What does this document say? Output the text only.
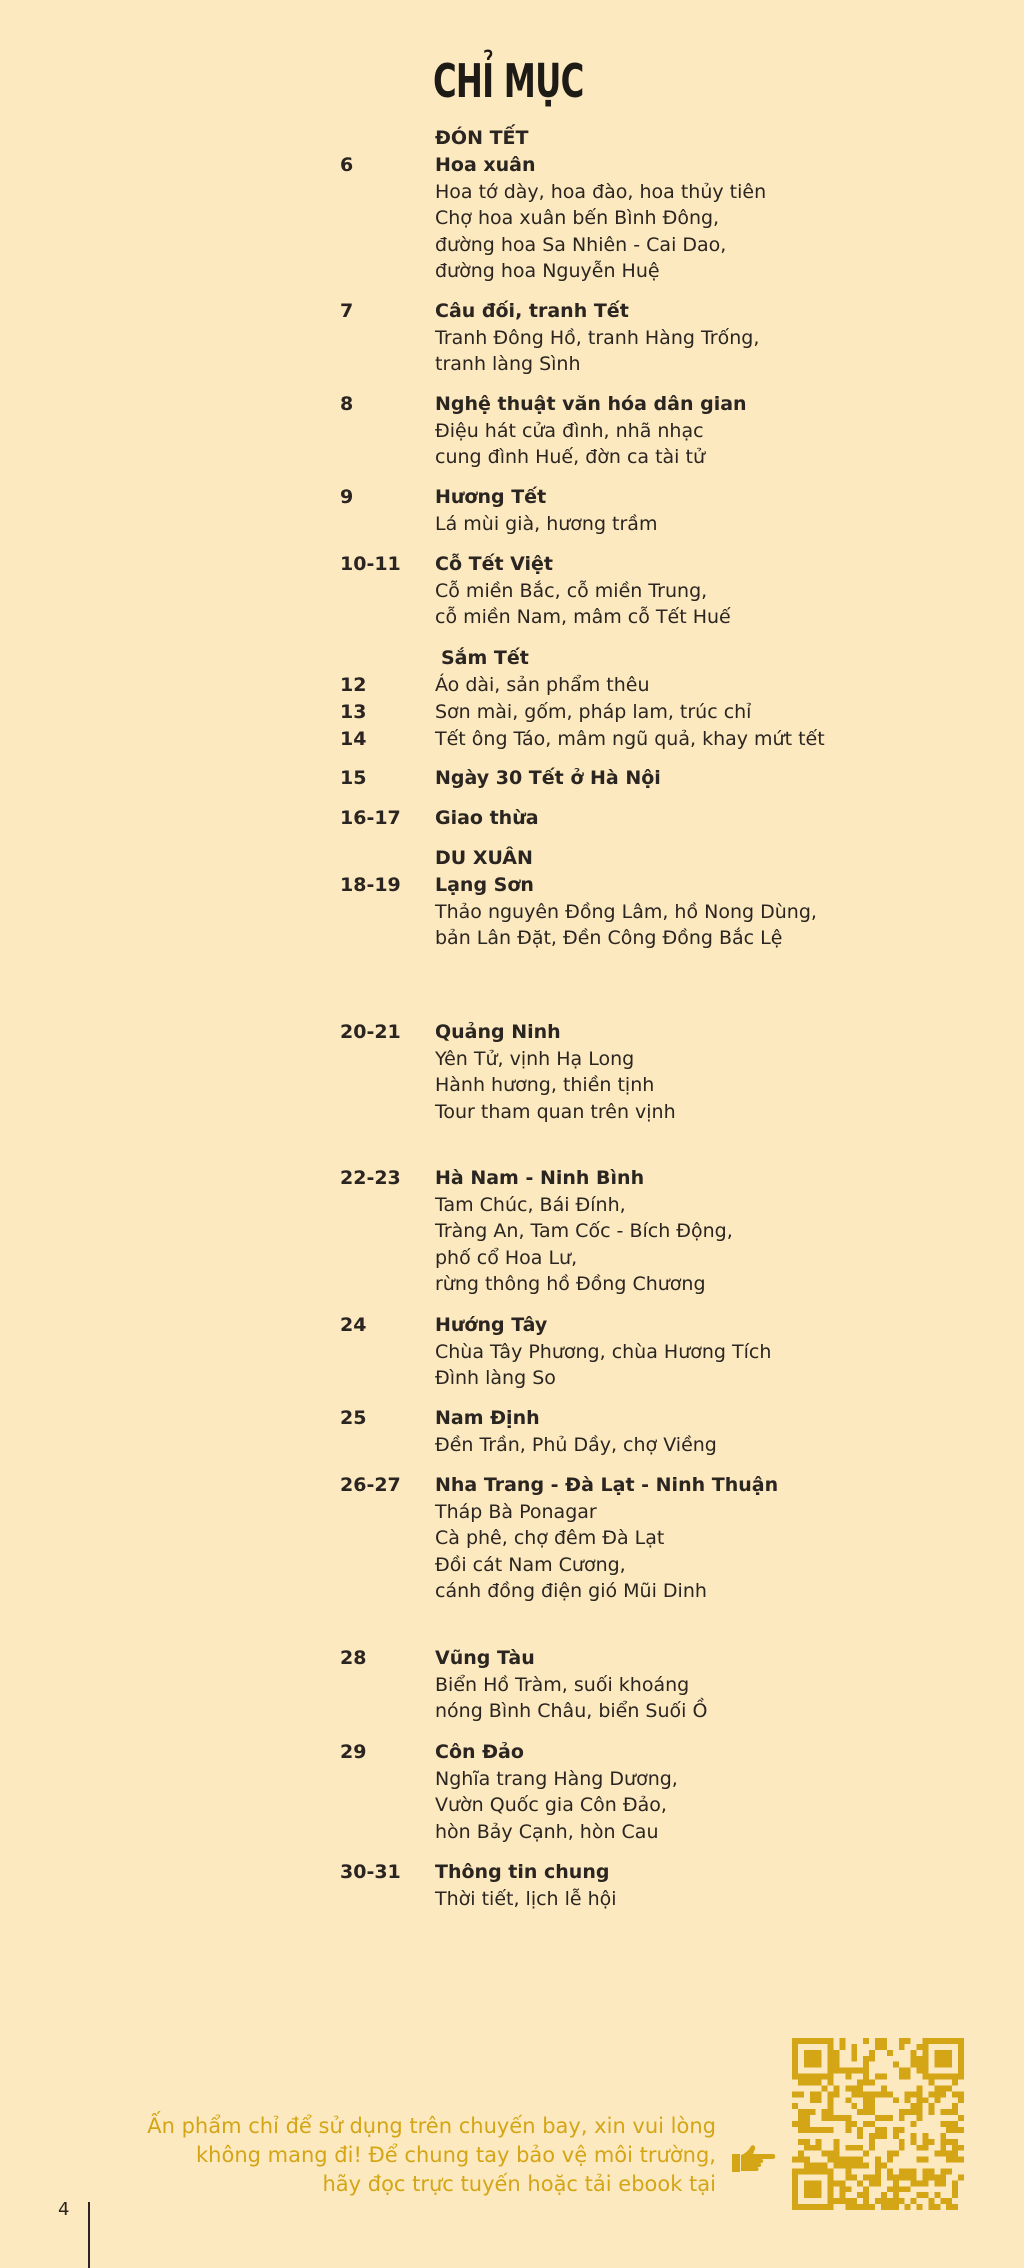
CHỈ MỤC
ĐÓN TẾT
6	Hoa xuân
Hoa tớ dày, hoa đào, hoa thủy tiên
Chợ hoa xuân bến Bình Đông,
đường hoa Sa Nhiên - Cai Dao,
đường hoa Nguyễn Huệ
7	Câu đối, tranh Tết
Tranh Đông Hồ, tranh Hàng Trống,
tranh làng Sình
8	Nghệ thuật văn hóa dân gian
Điệu hát cửa đình, nhã nhạc
cung đình Huế, đờn ca tài tử
9	Hương Tết
Lá mùi già, hương trầm
10-11 Cỗ Tết Việt
Cỗ miền Bắc, cỗ miền Trung,
cỗ miền Nam, mâm cỗ Tết Huế
Sắm Tết
12	Áo dài, sản phẩm thêu
13	Sơn mài, gốm, pháp lam, trúc chỉ
14	Tết ông Táo, mâm ngũ quả, khay mứt tết
15	Ngày 30 Tết ở Hà Nội
16-17 Giao thừa
DU XUÂN
18-19 Lạng Sơn
Thảo nguyên Đồng Lâm, hồ Nong Dùng,
bản Lân Đặt, Đền Công Đồng Bắc Lệ
20-21 Quảng Ninh
Yên Tử, vịnh Hạ Long
Hành hương, thiền tịnh
Tour tham quan trên vịnh
22-23 Hà Nam - Ninh Bình
Tam Chúc, Bái Đính,
Tràng An, Tam Cốc - Bích Động,
phố cổ Hoa Lư,
rừng thông hồ Đồng Chương
24	Hướng Tây
Chùa Tây Phương, chùa Hương Tích
Đình làng So
25	Nam Định
Đền Trần, Phủ Dầy, chợ Viềng
26-27 Nha Trang - Đà Lạt - Ninh Thuận
Tháp Bà Ponagar
Cà phê, chợ đêm Đà Lạt
Đồi cát Nam Cương,
cánh đồng điện gió Mũi Dinh
28	Vũng Tàu
Biển Hồ Tràm, suối khoáng
nóng Bình Châu, biển Suối Ồ
29	Côn Đảo
Nghĩa trang Hàng Dương,
Vườn Quốc gia Côn Đảo,
hòn Bảy Cạnh, hòn Cau
30-31 Thông tin chung
Thời tiết, lịch lễ hội
Ấn phẩm chỉ để sử dụng trên chuyến bay, xin vui lòng
không mang đi! Để chung tay bảo vệ môi trường,
hãy đọc trực tuyến hoặc tải ebook tại
4
